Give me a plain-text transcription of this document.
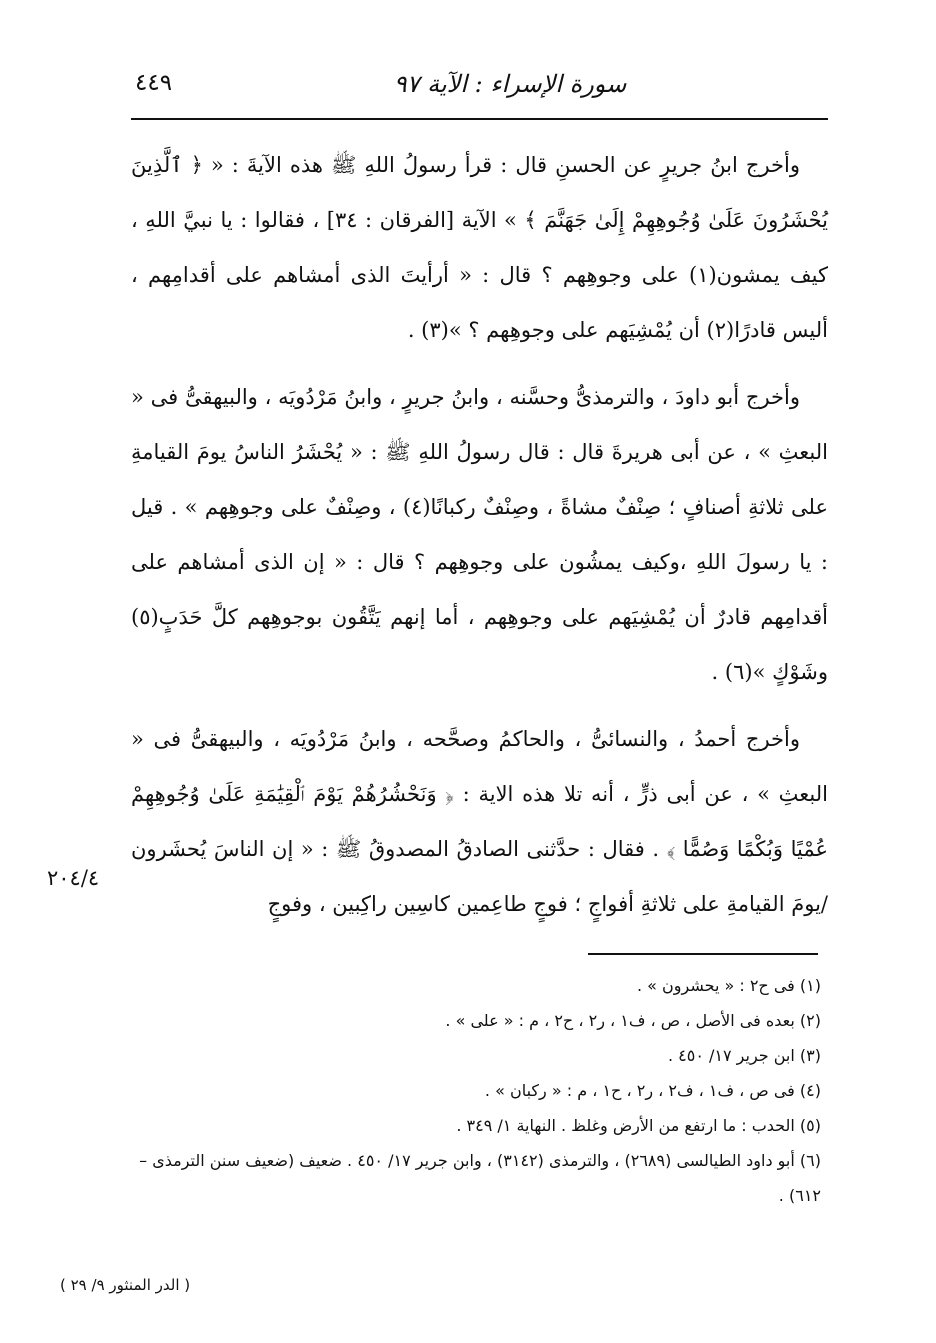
٤٤٩	سورة الإسراء : الآية ٩٧

وأخرج ابنُ جريرٍ عن الحسنِ قال : قرأ رسولُ اللهِ ﷺ هذه الآيةَ : « ﴿ ٱلَّذِينَ يُحْشَرُونَ عَلَىٰ وُجُوهِهِمْ إِلَىٰ جَهَنَّمَ ﴾ » الآية [الفرقان : ٣٤] ، فقالوا : يا نبيَّ اللهِ ، كيف يمشون(١) على وجوهِهم ؟ قال : « أرأيتَ الذى أمشاهم على أقدامِهم ، أليس قادرًا(٢) أن يُمْشِيَهم على وجوهِهم ؟ »(٣) .

وأخرج أبو داودَ ، والترمذىُّ وحسَّنه ، وابنُ جريرٍ ، وابنُ مَرْدُويَه ، والبيهقىُّ فى « البعثِ » ، عن أبى هريرةَ قال : قال رسولُ اللهِ ﷺ : « يُحْشَرُ الناسُ يومَ القيامةِ على ثلاثةِ أصنافٍ ؛ صِنْفٌ مشاةً ، وصِنْفٌ ركبانًا(٤) ، وصِنْفٌ على وجوهِهم » . قيل : يا رسولَ اللهِ ،وكيف يمشُون على وجوهِهم ؟ قال : « إن الذى أمشاهم على أقدامِهم قادرٌ أن يُمْشِيَهم على وجوهِهم ، أما إنهم يَتَّقُون بوجوهِهم كلَّ حَدَبٍ(٥) وشَوْكٍ »(٦) .

وأخرج أحمدُ ، والنسائىُّ ، والحاكمُ وصحَّحه ، وابنُ مَرْدُويَه ، والبيهقىُّ فى « البعثِ » ، عن أبى ذرٍّ ، أنه تلا هذه الاية : ﴿ وَنَحْشُرُهُمْ يَوْمَ ٱلْقِيَٰمَةِ عَلَىٰ وُجُوهِهِمْ عُمْيًا وَبُكْمًا وَصُمًّا ﴾ . فقال : حدَّثنى الصادقُ المصدوقُ ﷺ : « إن الناسَ يُحشَرون /يومَ القيامةِ على ثلاثةِ أفواجٍ ؛ فوجٍ طاعِمين كاسِين راكِبين ، وفوجٍ

٢٠٤/٤

(١) فى ح٢ : « يحشرون » .

(٢) بعده فى الأصل ، ص ، ف١ ، ر٢ ، ح٢ ، م : « على » .

(٣) ابن جرير ١٧/ ٤٥٠ .

(٤) فى ص ، ف١ ، ف٢ ، ر٢ ، ح١ ، م : « ركبان » .

(٥) الحدب : ما ارتفع من الأرض وغلظ . النهاية ١/ ٣٤٩ .

(٦) أبو داود الطيالسى (٢٦٨٩) ، والترمذى (٣١٤٢) ، وابن جرير ١٧/ ٤٥٠ . ضعيف (ضعيف سنن الترمذى – ٦١٢) .

( الدر المنثور ٩/ ٢٩ )
